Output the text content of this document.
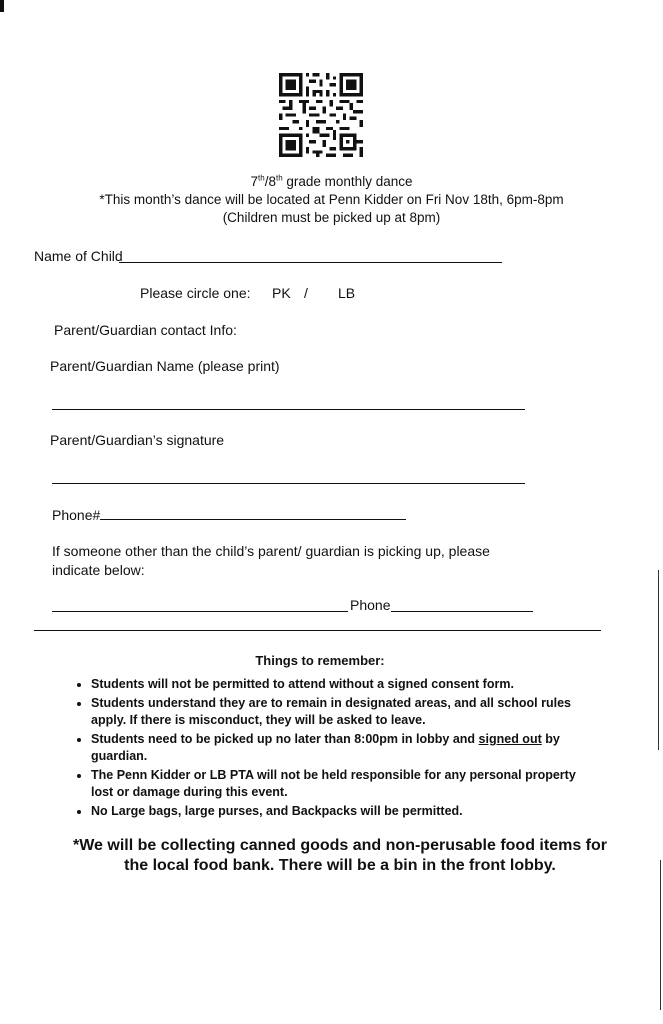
7th/8th grade monthly dance
*This month’s dance will be located at Penn Kidder on Fri Nov 18th, 6pm-8pm
(Children must be picked up at 8pm)
Name of Child
Please circle one: PK / LB
Parent/Guardian contact Info:
Parent/Guardian Name (please print)
Parent/Guardian’s signature
Phone#
If someone other than the child’s parent/ guardian is picking up, please
indicate below:
Phone
Things to remember:
• Students will not be permitted to attend without a signed consent form.
• Students understand they are to remain in designated areas, and all school rules apply. If there is misconduct, they will be asked to leave.
• Students need to be picked up no later than 8:00pm in lobby and signed out by guardian.
• The Penn Kidder or LB PTA will not be held responsible for any personal property lost or damage during this event.
• No Large bags, large purses, and Backpacks will be permitted.
*We will be collecting canned goods and non-perusable food items for
the local food bank. There will be a bin in the front lobby.
